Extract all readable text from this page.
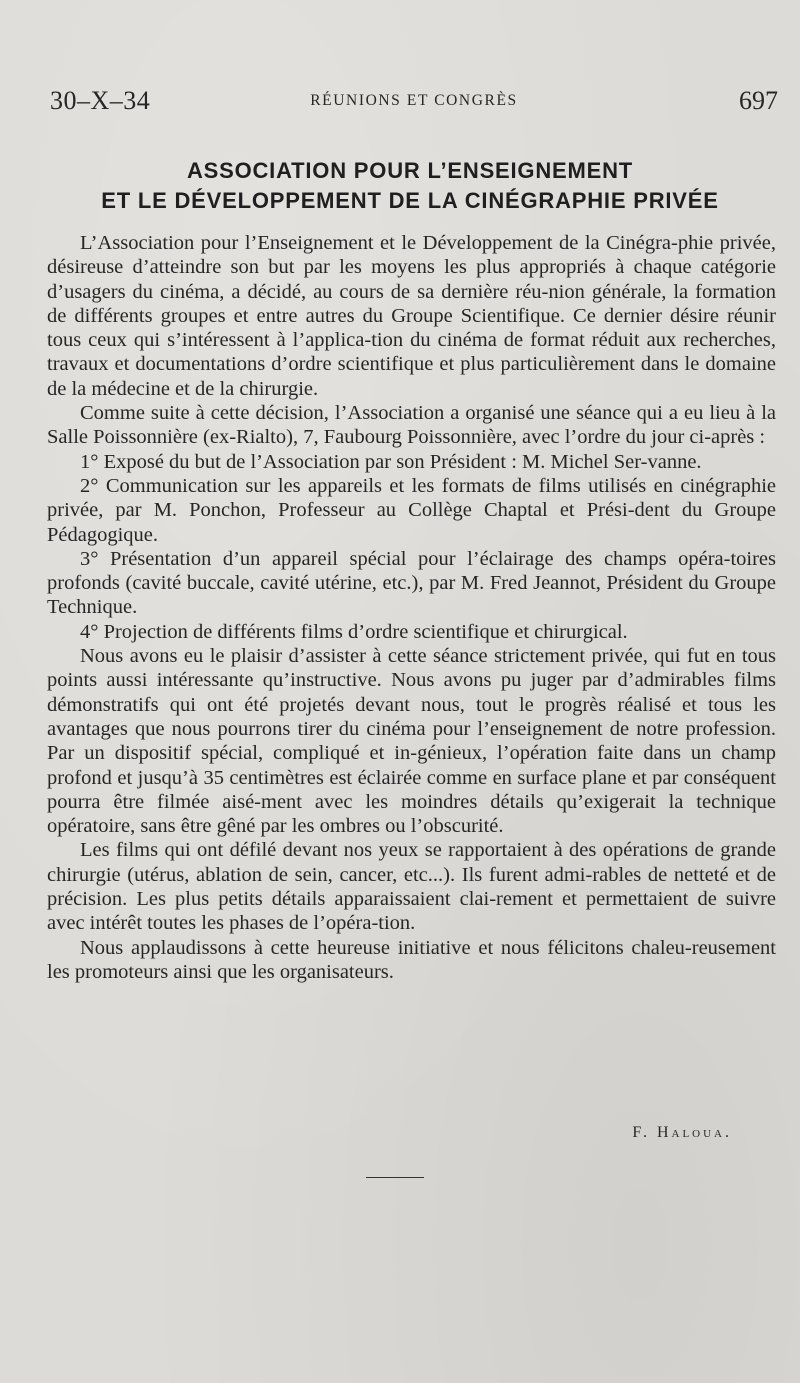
30–X–34	RÉUNIONS ET CONGRÈS	697
ASSOCIATION POUR L’ENSEIGNEMENT
ET LE DÉVELOPPEMENT DE LA CINÉGRAPHIE PRIVÉE

L’Association pour l’Enseignement et le Développement de la Cinégra-phie privée, désireuse d’atteindre son but par les moyens les plus appropriés à chaque catégorie d’usagers du cinéma, a décidé, au cours de sa dernière réu-nion générale, la formation de différents groupes et entre autres du Groupe Scientifique. Ce dernier désire réunir tous ceux qui s’intéressent à l’applica-tion du cinéma de format réduit aux recherches, travaux et documentations d’ordre scientifique et plus particulièrement dans le domaine de la médecine et de la chirurgie.

Comme suite à cette décision, l’Association a organisé une séance qui a eu lieu à la Salle Poissonnière (ex-Rialto), 7, Faubourg Poissonnière, avec l’ordre du jour ci-après :

1° Exposé du but de l’Association par son Président : M. Michel Ser-vanne.

2° Communication sur les appareils et les formats de films utilisés en cinégraphie privée, par M. Ponchon, Professeur au Collège Chaptal et Prési-dent du Groupe Pédagogique.

3° Présentation d’un appareil spécial pour l’éclairage des champs opéra-toires profonds (cavité buccale, cavité utérine, etc.), par M. Fred Jeannot, Président du Groupe Technique.

4° Projection de différents films d’ordre scientifique et chirurgical.

Nous avons eu le plaisir d’assister à cette séance strictement privée, qui fut en tous points aussi intéressante qu’instructive. Nous avons pu juger par d’admirables films démonstratifs qui ont été projetés devant nous, tout le progrès réalisé et tous les avantages que nous pourrons tirer du cinéma pour l’enseignement de notre profession. Par un dispositif spécial, compliqué et in-génieux, l’opération faite dans un champ profond et jusqu’à 35 centimètres est éclairée comme en surface plane et par conséquent pourra être filmée aisé-ment avec les moindres détails qu’exigerait la technique opératoire, sans être gêné par les ombres ou l’obscurité.

Les films qui ont défilé devant nos yeux se rapportaient à des opérations de grande chirurgie (utérus, ablation de sein, cancer, etc...). Ils furent admi-rables de netteté et de précision. Les plus petits détails apparaissaient clai-rement et permettaient de suivre avec intérêt toutes les phases de l’opéra-tion.

Nous applaudissons à cette heureuse initiative et nous félicitons chaleu-reusement les promoteurs ainsi que les organisateurs.

F. Haloua.
